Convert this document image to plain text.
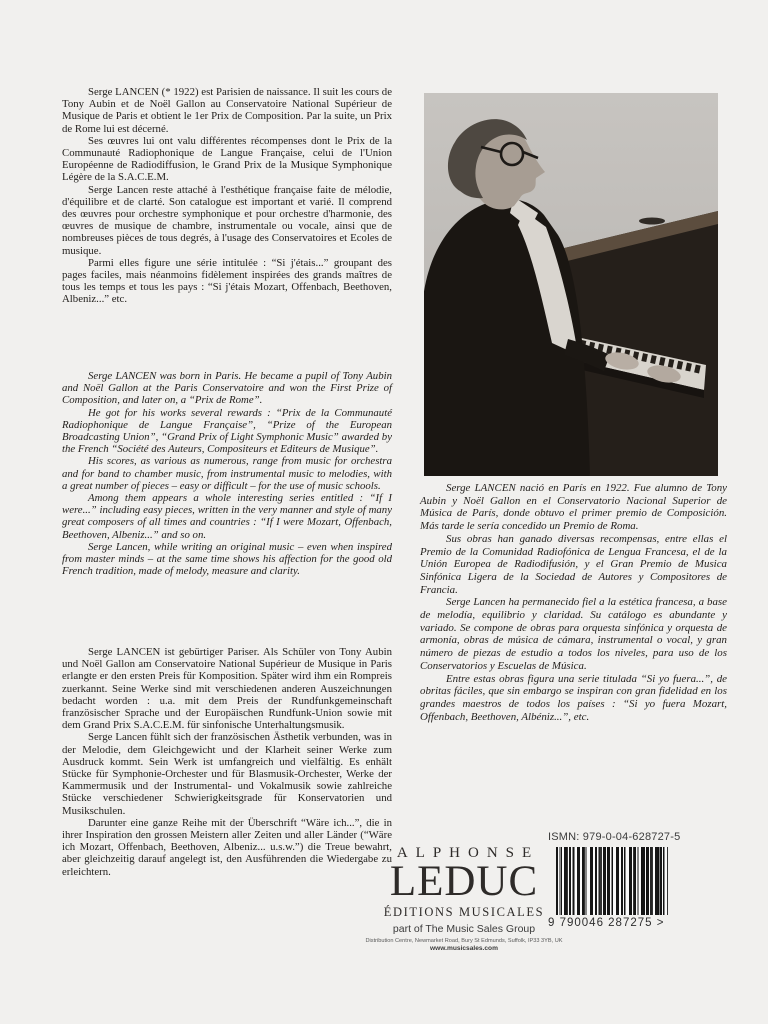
Serge LANCEN (* 1922) est Parisien de naissance. Il suit les cours de Tony Aubin et de Noël Gallon au Conservatoire National Supérieur de Musique de Paris et obtient le 1er Prix de Composition. Par la suite, un Prix de Rome lui est décerné.

Ses œuvres lui ont valu différentes récompenses dont le Prix de la Communauté Radiophonique de Langue Française, celui de l'Union Européenne de Radiodiffusion, le Grand Prix de la Musique Symphonique Légère de la S.A.C.E.M.

Serge Lancen reste attaché à l'esthétique française faite de mélodie, d'équilibre et de clarté. Son catalogue est important et varié. Il comprend des œuvres pour orchestre symphonique et pour orchestre d'harmonie, des œuvres de musique de chambre, instrumentale ou vocale, ainsi que de nombreuses pièces de tous degrés, à l'usage des Conservatoires et Ecoles de musique.

Parmi elles figure une série intitulée : “Si j'étais...” groupant des pages faciles, mais néanmoins fidèlement inspirées des grands maîtres de tous les temps et tous les pays : “Si j'étais Mozart, Offenbach, Beethoven, Albeniz...” etc.

Serge LANCEN was born in Paris. He became a pupil of Tony Aubin and Noël Gallon at the Paris Conservatoire and won the First Prize of Composition, and later on, a “Prix de Rome”.

He got for his works several rewards : “Prix de la Communauté Radiophonique de Langue Française”, “Prize of the European Broadcasting Union”, “Grand Prix of Light Symphonic Music” awarded by the French “Société des Auteurs, Compositeurs et Editeurs de Musique”.

His scores, as various as numerous, range from music for orchestra and for band to chamber music, from instrumental music to melodies, with a great number of pieces – easy or difficult – for the use of music schools.

Among them appears a whole interesting series entitled : “If I were...” including easy pieces, written in the very manner and style of many great composers of all times and countries : “If I were Mozart, Offenbach, Beethoven, Albeniz...” and so on.

Serge Lancen, while writing an original music – even when inspired from master minds – at the same time shows his affection for the good old French tradition, made of melody, measure and clarity.

Serge LANCEN ist gebürtiger Pariser. Als Schüler von Tony Aubin und Noël Gallon am Conservatoire National Supérieur de Musique in Paris erlangte er den ersten Preis für Komposition. Später wird ihm ein Rompreis zuerkannt. Seine Werke sind mit verschiedenen anderen Auszeichnungen bedacht worden : u.a. mit dem Preis der Rundfunkgemeinschaft französischer Sprache und der Europäischen Rundfunk-Union sowie mit dem Grand Prix S.A.C.E.M. für sinfonische Unterhaltungsmusik.

Serge Lancen fühlt sich der französischen Ästhetik verbunden, was in der Melodie, dem Gleichgewicht und der Klarheit seiner Werke zum Ausdruck kommt. Sein Werk ist umfangreich und vielfältig. Es enhält Stücke für Symphonie-Orchester und für Blasmusik-Orchester, Werke der Kammermusik und der Instrumental- und Vokalmusik sowie zahlreiche Stücke verschiedener Schwierigkeitsgrade für Konservatorien und Musikschulen.

Darunter eine ganze Reihe mit der Überschrift “Wäre ich...”, die in ihrer Inspiration den grossen Meistern aller Zeiten und aller Länder (“Wäre ich Mozart, Offenbach, Beethoven, Albeniz... u.s.w.”) die Treue bewahrt, aber gleichzeitig darauf angelegt ist, den Ausführenden die Wiedergabe zu erleichtern.

Serge LANCEN nació en París en 1922. Fue alumno de Tony Aubin y Noël Gallon en el Conservatorio Nacional Superior de Música de París, donde obtuvo el primer premio de Composición. Más tarde le sería concedido un Premio de Roma.

Sus obras han ganado diversas recompensas, entre ellas el Premio de la Comunidad Radiofónica de Lengua Francesa, el de la Unión Europea de Radiodifusión, y el Gran Premio de Musica Sinfónica Ligera de la Sociedad de Autores y Compositores de Francia.

Serge Lancen ha permanecido fiel a la estética francesa, a base de melodía, equilibrio y claridad. Su catálogo es abundante y variado. Se compone de obras para orquesta sinfónica y orquesta de armonía, obras de música de cámara, instrumental o vocal, y gran número de piezas de estudio a todos los niveles, para uso de los Conservatorios y Escuelas de Música.

Entre estas obras figura una serie titulada “Si yo fuera...”, de obritas fáciles, que sin embargo se inspiran con gran fidelidad en los grandes maestros de todos los países : “Si yo fuera Mozart, Offenbach, Beethoven, Albéniz...”, etc.

ALPHONSE
LEDUC
ÉDITIONS MUSICALES
part of The Music Sales Group
Distribution Centre, Newmarket Road, Bury St Edmunds, Suffolk, IP33 3YB, UK
www.musicsales.com
ISMN: 979-0-04-628727-5
9 790046 287275 >
